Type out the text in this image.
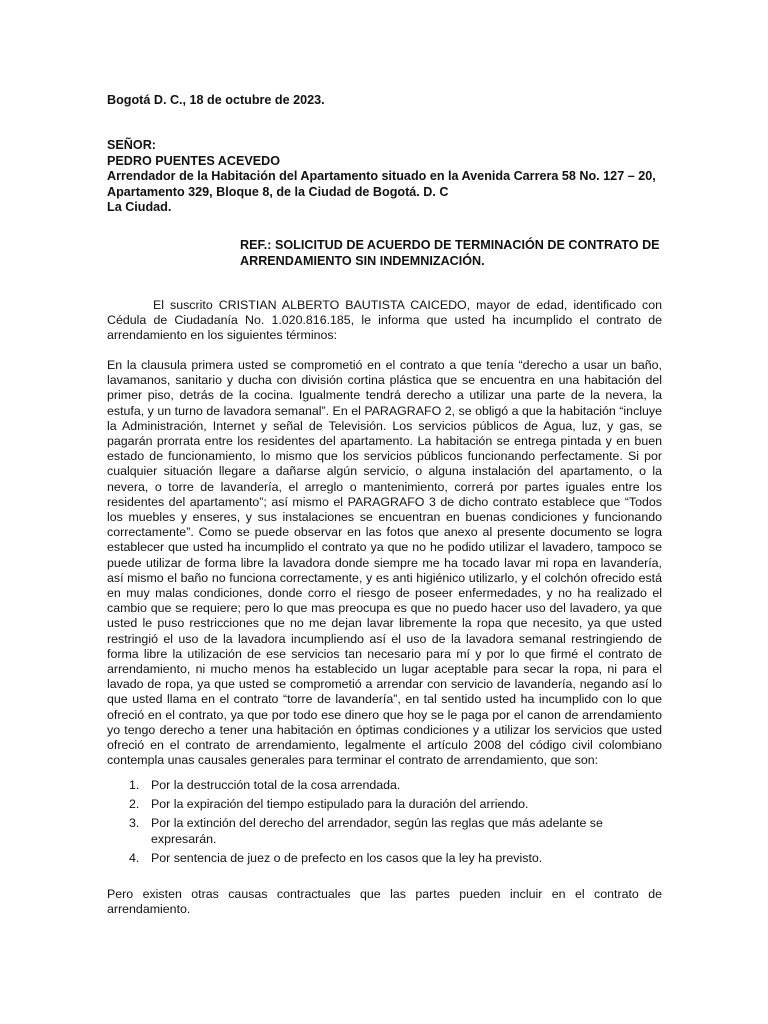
Bogotá D. C., 18 de octubre de 2023.
SEÑOR:
PEDRO PUENTES ACEVEDO
Arrendador de la Habitación del Apartamento situado en la Avenida Carrera 58 No. 127 – 20,
Apartamento 329, Bloque 8, de la Ciudad de Bogotá. D. C
La Ciudad.
REF.: SOLICITUD DE ACUERDO DE TERMINACIÓN DE CONTRATO DE
ARRENDAMIENTO SIN INDEMNIZACIÓN.
El suscrito CRISTIAN ALBERTO BAUTISTA CAICEDO, mayor de edad, identificado con Cédula de Ciudadanía No. 1.020.816.185, le informa que usted ha incumplido el contrato de arrendamiento en los siguientes términos:
En la clausula primera usted se comprometió en el contrato a que tenía “derecho a usar un baño, lavamanos, sanitario y ducha con división cortina plástica que se encuentra en una habitación del primer piso, detrás de la cocina. Igualmente tendrá derecho a utilizar una parte de la nevera, la estufa, y un turno de lavadora semanal”. En el PARAGRAFO 2, se obligó a que la habitación “incluye la Administración, Internet y señal de Televisión. Los servicios públicos de Agua, luz, y gas, se pagarán prorrata entre los residentes del apartamento. La habitación se entrega pintada y en buen estado de funcionamiento, lo mismo que los servicios públicos funcionando perfectamente. Si por cualquier situación llegare a dañarse algún servicio, o alguna instalación del apartamento, o la nevera, o torre de lavandería, el arreglo o mantenimiento, correrá por partes iguales entre los residentes del apartamento”; así mismo el PARAGRAFO 3 de dicho contrato establece que “Todos los muebles y enseres, y sus instalaciones se encuentran en buenas condiciones y funcionando correctamente”. Como se puede observar en las fotos que anexo al presente documento se logra establecer que usted ha incumplido el contrato ya que no he podido utilizar el lavadero, tampoco se puede utilizar de forma libre la lavadora donde siempre me ha tocado lavar mi ropa en lavandería, así mismo el baño no funciona correctamente, y es anti higiénico utilizarlo, y el colchón ofrecido está en muy malas condiciones, donde corro el riesgo de poseer enfermedades, y no ha realizado el cambio que se requiere; pero lo que mas preocupa es que no puedo hacer uso del lavadero, ya que usted le puso restricciones que no me dejan lavar libremente la ropa que necesito, ya que usted restringió el uso de la lavadora incumpliendo así el uso de la lavadora semanal restringiendo de forma libre la utilización de ese servicios tan necesario para mí y por lo que firmé el contrato de arrendamiento, ni mucho menos ha establecido un lugar aceptable para secar la ropa, ni para el lavado de ropa, ya que usted se comprometió a arrendar con servicio de lavandería, negando así lo que usted llama en el contrato “torre de lavandería”, en tal sentido usted ha incumplido con lo que ofreció en el contrato, ya que por todo ese dinero que hoy se le paga por el canon de arrendamiento yo tengo derecho a tener una habitación en óptimas condiciones y a utilizar los servicios que usted ofreció en el contrato de arrendamiento, legalmente el artículo 2008 del código civil colombiano contempla unas causales generales para terminar el contrato de arrendamiento, que son:
1. Por la destrucción total de la cosa arrendada.
2. Por la expiración del tiempo estipulado para la duración del arriendo.
3. Por la extinción del derecho del arrendador, según las reglas que más adelante se expresarán.
4. Por sentencia de juez o de prefecto en los casos que la ley ha previsto.
Pero existen otras causas contractuales que las partes pueden incluir en el contrato de arrendamiento.
